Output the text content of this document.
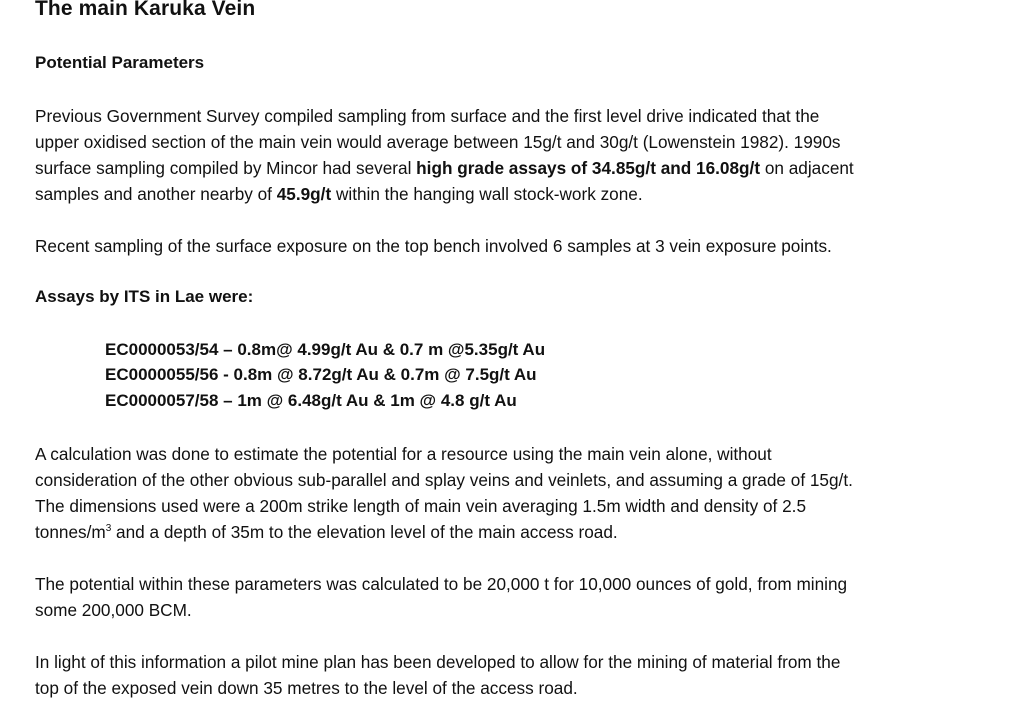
The main Karuka Vein
Potential Parameters
Previous Government Survey compiled sampling from surface and the first level drive indicated that the
upper oxidised section of the main vein would average between 15g/t and 30g/t (Lowenstein 1982). 1990s
surface sampling compiled by Mincor had several high grade assays of 34.85g/t and 16.08g/t on adjacent
samples and another nearby of 45.9g/t within the hanging wall stock-work zone.
Recent sampling of the surface exposure on the top bench involved 6 samples at 3 vein exposure points.
Assays by ITS in Lae were:
EC0000053/54 – 0.8m@ 4.99g/t Au & 0.7 m @5.35g/t Au
EC0000055/56 - 0.8m @ 8.72g/t Au & 0.7m @ 7.5g/t Au
EC0000057/58 – 1m @ 6.48g/t Au & 1m @ 4.8 g/t Au
A calculation was done to estimate the potential for a resource using the main vein alone, without
consideration of the other obvious sub-parallel and splay veins and veinlets, and assuming a grade of 15g/t.
The dimensions used were a 200m strike length of main vein averaging 1.5m width and density of 2.5
tonnes/$m^3$ and a depth of 35m to the elevation level of the main access road.
The potential within these parameters was calculated to be 20,000 t for 10,000 ounces of gold, from mining
some 200,000 BCM.
In light of this information a pilot mine plan has been developed to allow for the mining of material from the
top of the exposed vein down 35 metres to the level of the access road.
